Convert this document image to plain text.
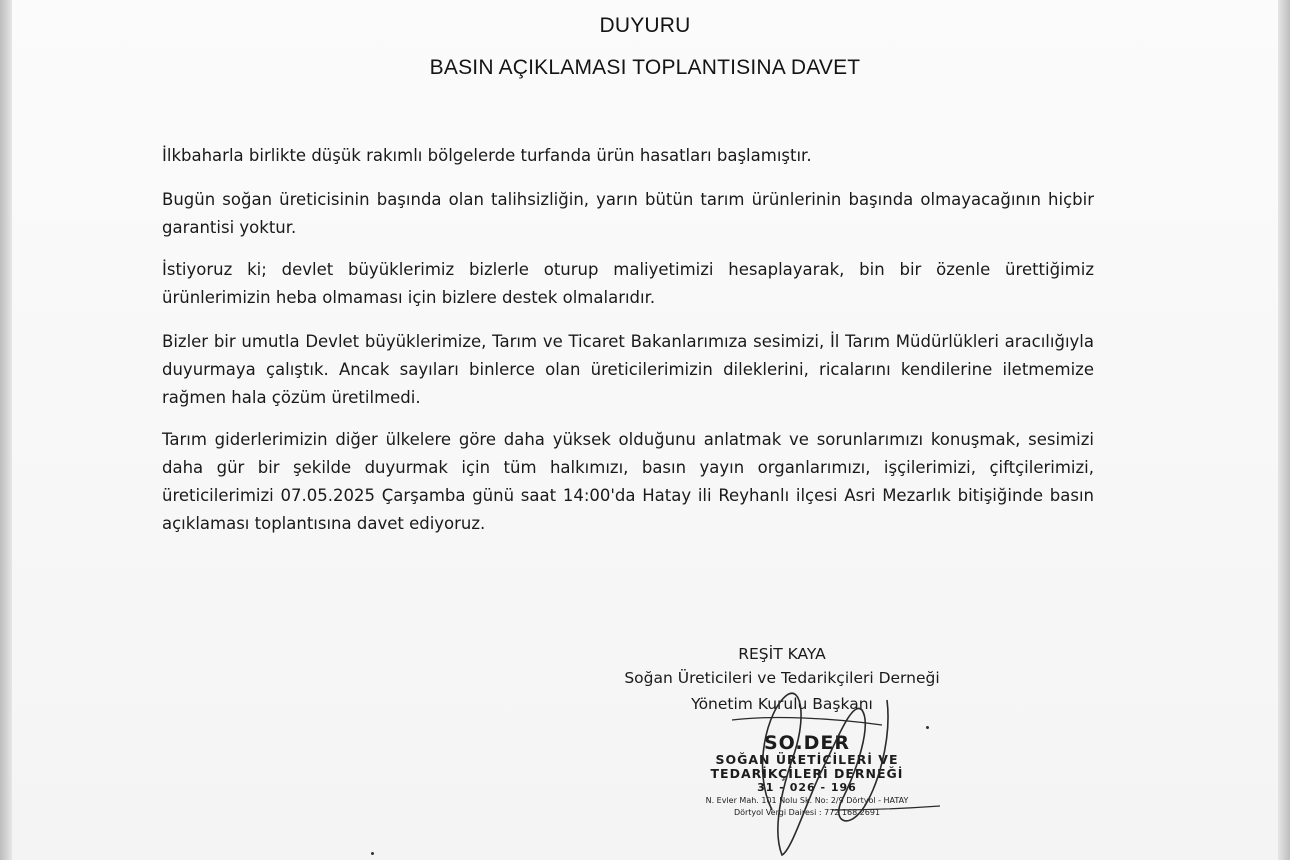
DUYURU
BASIN AÇIKLAMASI TOPLANTISINA DAVET

İlkbaharla birlikte düşük rakımlı bölgelerde turfanda ürün hasatları başlamıştır.

Bugün soğan üreticisinin başında olan talihsizliğin, yarın bütün tarım ürünlerinin başında olmayacağının hiçbir garantisi yoktur.

İstiyoruz ki; devlet büyüklerimiz bizlerle oturup maliyetimizi hesaplayarak, bin bir özenle ürettiğimiz ürünlerimizin heba olmaması için bizlere destek olmalarıdır.

Bizler bir umutla Devlet büyüklerimize, Tarım ve Ticaret Bakanlarımıza sesimizi, İl Tarım Müdürlükleri aracılığıyla duyurmaya çalıştık. Ancak sayıları binlerce olan üreticilerimizin dileklerini, ricalarını kendilerine iletmemize rağmen hala çözüm üretilmedi.

Tarım giderlerimizin diğer ülkelere göre daha yüksek olduğunu anlatmak ve sorunlarımızı konuşmak, sesimizi daha gür bir şekilde duyurmak için tüm halkımızı, basın yayın organlarımızı, işçilerimizi, çiftçilerimizi, üreticilerimizi 07.05.2025 Çarşamba günü saat 14:00'da Hatay ili Reyhanlı ilçesi Asri Mezarlık bitişiğinde basın açıklaması toplantısına davet ediyoruz.

REŞİT KAYA
Soğan Üreticileri ve Tedarikçileri Derneği
Yönetim Kurulu Başkanı
SO.DER
SOĞAN ÜRETİCİLERİ VE
TEDARİKÇİLERİ DERNEĞİ
31 - 026 - 196
N. Evler Mah. 101 Nolu Sk. No: 2/9 Dörtyol - HATAY
Dörtyol Vergi Dairesi : 772 168 2691
